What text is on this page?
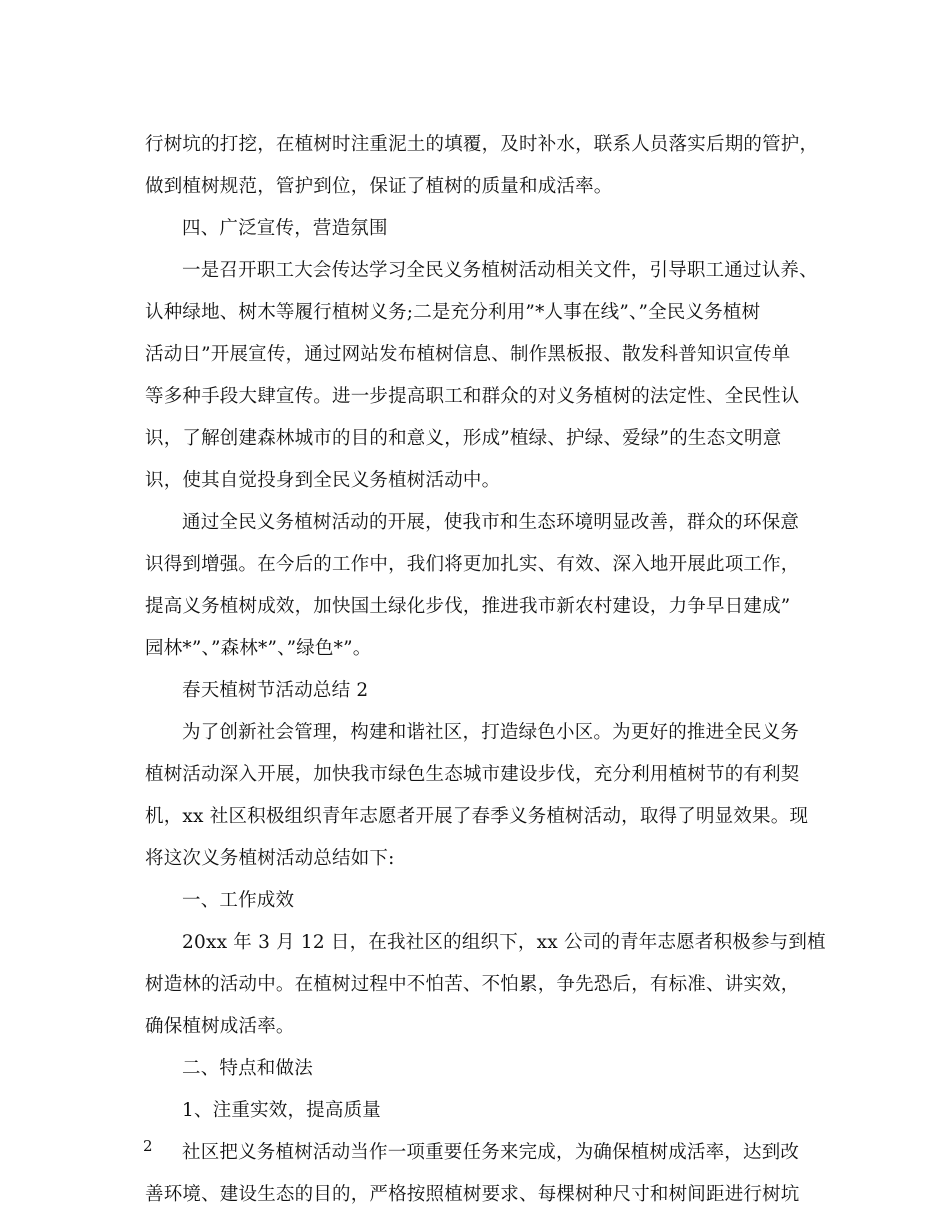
行树坑的打挖，在植树时注重泥土的填覆，及时补水，联系人员落实后期的管护，
做到植树规范，管护到位，保证了植树的质量和成活率。
四、广泛宣传，营造氛围
一是召开职工大会传达学习全民义务植树活动相关文件，引导职工通过认养、
认种绿地、树木等履行植树义务;二是充分利用”*人事在线”、”全民义务植树
活动日”开展宣传，通过网站发布植树信息、制作黑板报、散发科普知识宣传单
等多种手段大肆宣传。进一步提高职工和群众的对义务植树的法定性、全民性认
识，了解创建森林城市的目的和意义，形成”植绿、护绿、爱绿”的生态文明意
识，使其自觉投身到全民义务植树活动中。
通过全民义务植树活动的开展，使我市和生态环境明显改善，群众的环保意
识得到增强。在今后的工作中，我们将更加扎实、有效、深入地开展此项工作，
提高义务植树成效，加快国土绿化步伐，推进我市新农村建设，力争早日建成”
园林*”、”森林*”、”绿色*”。
春天植树节活动总结 2
为了创新社会管理，构建和谐社区，打造绿色小区。为更好的推进全民义务
植树活动深入开展，加快我市绿色生态城市建设步伐，充分利用植树节的有利契
机，xx 社区积极组织青年志愿者开展了春季义务植树活动，取得了明显效果。现
将这次义务植树活动总结如下:
一、工作成效
20xx 年 3 月 12 日，在我社区的组织下，xx 公司的青年志愿者积极参与到植
树造林的活动中。在植树过程中不怕苦、不怕累，争先恐后，有标准、讲实效，
确保植树成活率。
二、特点和做法
1、注重实效，提高质量
社区把义务植树活动当作一项重要任务来完成，为确保植树成活率，达到改
善环境、建设生态的目的，严格按照植树要求、每棵树种尺寸和树间距进行树坑
2
